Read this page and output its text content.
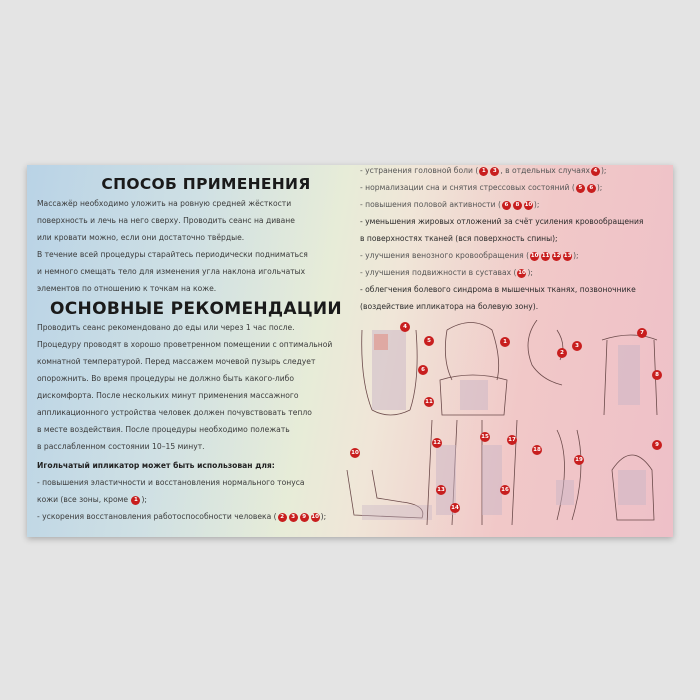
СПОСОБ ПРИМЕНЕНИЯ
Массажёр необходимо уложить на ровную средней жёсткости
поверхность и лечь на него сверху. Проводить сеанс на диване
или кровати можно, если они достаточно твёрдые.
В течение всей процедуры старайтесь периодически подниматься
и немного смещать тело для изменения угла наклона игольчатых
элементов по отношению к точкам на коже.
ОСНОВНЫЕ РЕКОМЕНДАЦИИ
Проводить сеанс рекомендовано до еды или через 1 час после.
Процедуру проводят в хорошо проветренном помещении с оптимальной
комнатной температурой. Перед массажем мочевой пузырь следует
опорожнить. Во время процедуры не должно быть какого-либо
дискомфорта. После нескольких минут применения массажного
аппликационного устройства человек должен почувствовать тепло
в месте воздействия. После процедуры необходимо полежать
в расслабленном состоянии 10–15 минут.
Игольчатый ипликатор может быть использован для:
- повышения эластичности и восстановления нормального тонуса
кожи (все зоны, кроме 1 );
- ускорения восстановления работоспособности человека ( 2 3 9 10 );
- устранения головной боли ( 1 3 , в отдельных случаях 4 );
- нормализации сна и снятия стрессовых состояний ( 5 6 );
- повышения половой активности ( 6 8 10 );
- уменьшения жировых отложений за счёт усиления кровообращения
в поверхностях тканей (вся поверхность спины);
- улучшения венозного кровообращения ( 10 11 12 13 );
- улучшения подвижности в суставах ( 10 );
- облегчения болевого синдрома в мышечных тканях, позвоночнике
(воздействие ипликатора на болевую зону).
4
5
6
11
1
3
2
7
8
10
12
13
14
15
16
17
18
19
9
